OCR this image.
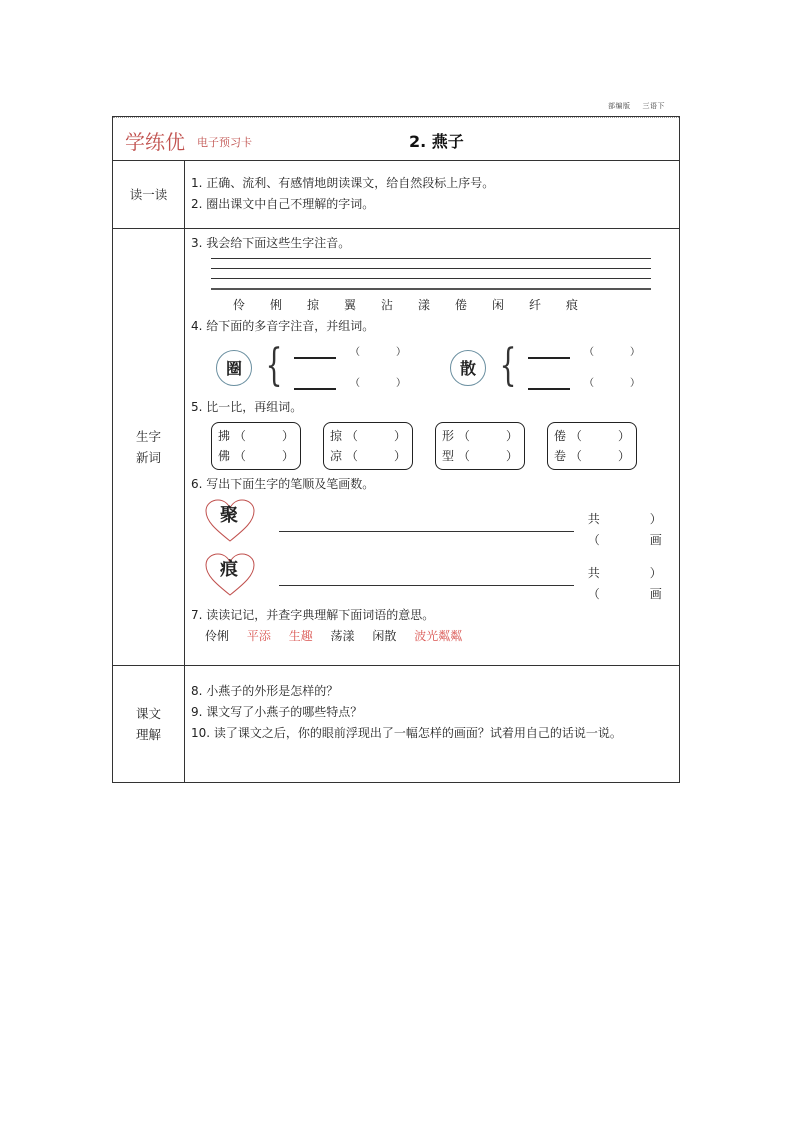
部编版 三语下
学练优 电子预习卡	2. 燕子
读一读
1. 正确、流利、有感情地朗读课文，给自然段标上序号。
2. 圈出课文中自己不理解的字词。
生字
新词
3. 我会给下面这些生字注音。
伶	俐	掠	翼	沾	漾	倦	闲	纤	痕
4. 给下面的多音字注音，并组词。
圈 {	（	）
（	）
散 {	（	）
（	）
5. 比一比，再组词。
拂 （	）
佛 （	）
掠 （	）
凉 （	）
形 （	）
型 （	）
倦 （	）
卷 （	）
6. 写出下面生字的笔顺及笔画数。
聚	共（
）画
痕	共（
）画
7. 读读记记，并查字典理解下面词语的意思。
伶俐 平添 生趣 荡漾 闲散 波光粼粼
课文
理解
8. 小燕子的外形是怎样的？
9. 课文写了小燕子的哪些特点？
10. 读了课文之后，你的眼前浮现出了一幅怎样的画面？试着用自己的话说一说。
